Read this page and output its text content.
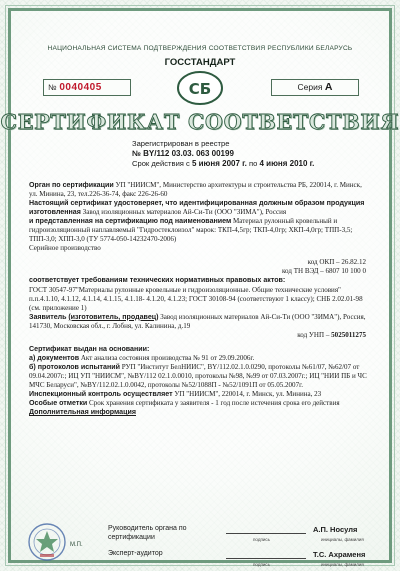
НАЦИОНАЛЬНАЯ СИСТЕМА ПОДТВЕРЖДЕНИЯ СООТВЕТСТВИЯ РЕСПУБЛИКИ БЕЛАРУСЬ
ГОССТАНДАРТ
№ 0040405	СБ	Серия А
СЕРТИФИКАТ СООТВЕТСТВИЯ
Зарегистрирован в реестре
№ BY/112 03.03. 063 00199
Срок действия с 5 июня 2007 г. по 4 июня 2010 г.

Орган по сертификации УП "НИИСМ", Министерство архитектуры и строительства РБ, 220014, г. Минск, ул. Минина, 23, тел.226-36-74, факс 226-26-60

Настоящий сертификат удостоверяет, что идентифицированная должным образом продукция изготовленная Завод изоляционных материалов Ай-Си-Ти (ООО "ЗИМА"), Россия

и представленная на сертификацию под наименованием Материал рулонный кровельный и гидроизоляционный наплавляемый "Гидростеклоизол" марок: ТКП-4,5гр; ТКП-4,0гр; ХКП-4,0гр; ТПП-3,5; ТПП-3,0; ХПП-3,0 (ТУ 5774-050-14232470-2006)

Серийное производство

код ОКП – 26.82.12

код ТН ВЭД – 6807 10 100 0

соответствует требованиям технических нормативных правовых актов:

ГОСТ 30547-97"Материалы рулонные кровельные и гидроизоляционные. Общие технические условия" п.п.4.1.10, 4.1.12, 4.1.14, 4.1.15, 4.1.18- 4.1.20, 4.1.23; ГОСТ 30108-94 (соответствуют 1 классу); СНБ 2.02.01-98 (см. приложение 1)

Заявитель (изготовитель, продавец) Завод изоляционных материалов Ай-Си-Ти (ООО "ЗИМА"), Россия, 141730, Московская обл., г. Лобня, ул. Калинина, д.19

код УНП – 5025011275

Сертификат выдан на основании:

а) документов Акт анализа состояния производства № 91 от 29.09.2006г.

б) протоколов испытаний РУП "Институт БелНИИС", BY/112.02.1.0.0290, протоколы №61/07, №62/07 от 09.04.2007г.; ИЦ УП "НИИСМ", №BY/112 02.1.0.0010, протоколы №98, №99 от 07.03.2007г.; ИЦ "НИИ ПБ и ЧС МЧС Беларуси", №BY/112.02.1.0.0042, протоколы №52/1088П - №52/1091П от 05.05.2007г.

Инспекционный контроль осуществляет УП "НИИСМ", 220014, г. Минск, ул. Минина, 23

Особые отметки Срок хранения сертификата у заявителя - 1 год после истечения срока его действия

Дополнительная информация

М.П.
Руководитель органа по сертификации
А.П. Носуля
подпись	инициалы, фамилия
Эксперт-аудитор	Т.С. Ахраменя
подпись	инициалы, фамилия
